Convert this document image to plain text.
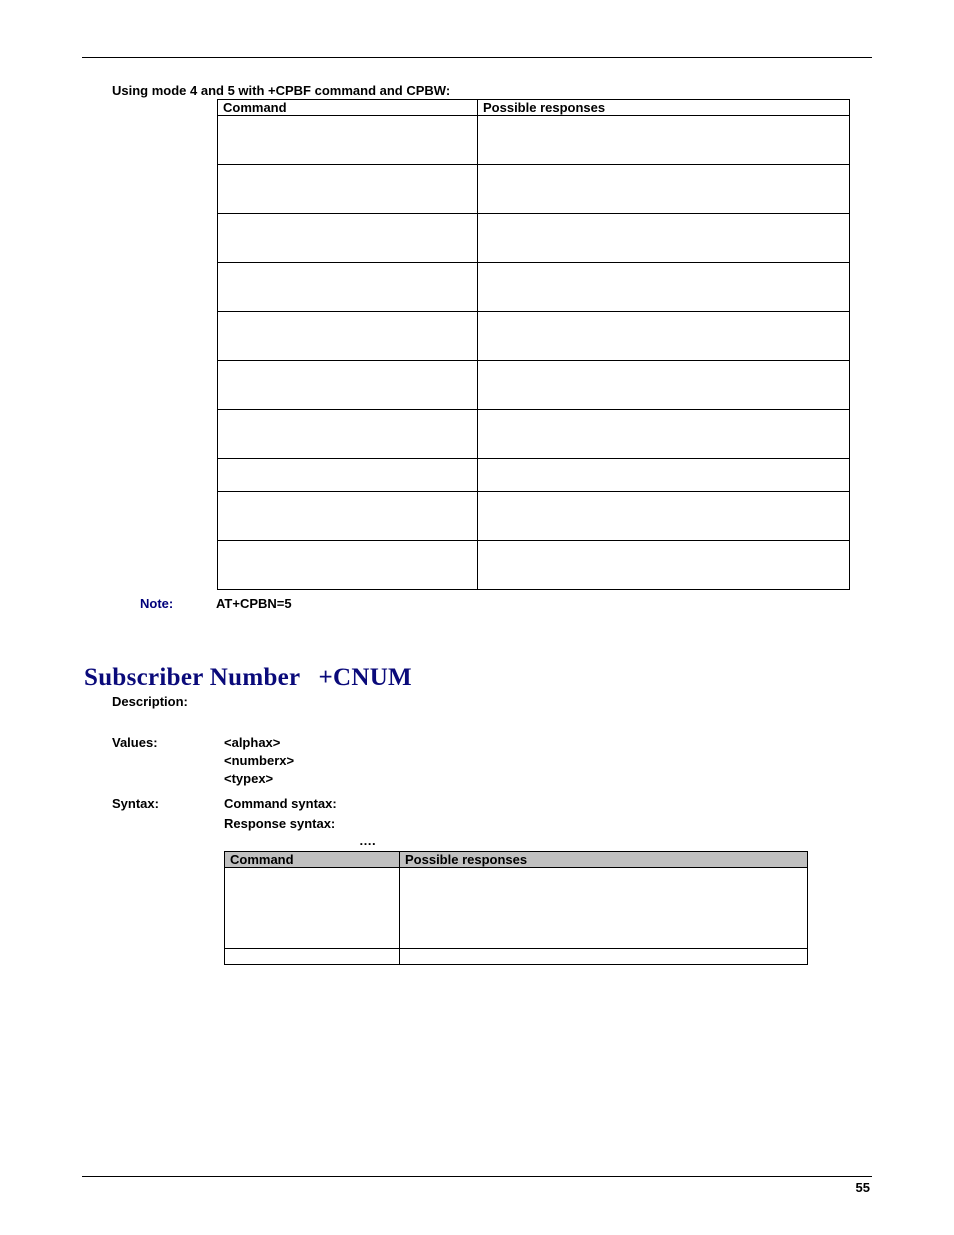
Using mode 4 and 5 with +CPBF command and CPBW:
Command	Possible responses

Note:	AT+CPBN=5
Subscriber Number +CNUM
Description:
Values:	<alphax>
<numberx>
<typex>
Syntax:	Command syntax:
Response syntax:
….
Command	Possible responses

55
